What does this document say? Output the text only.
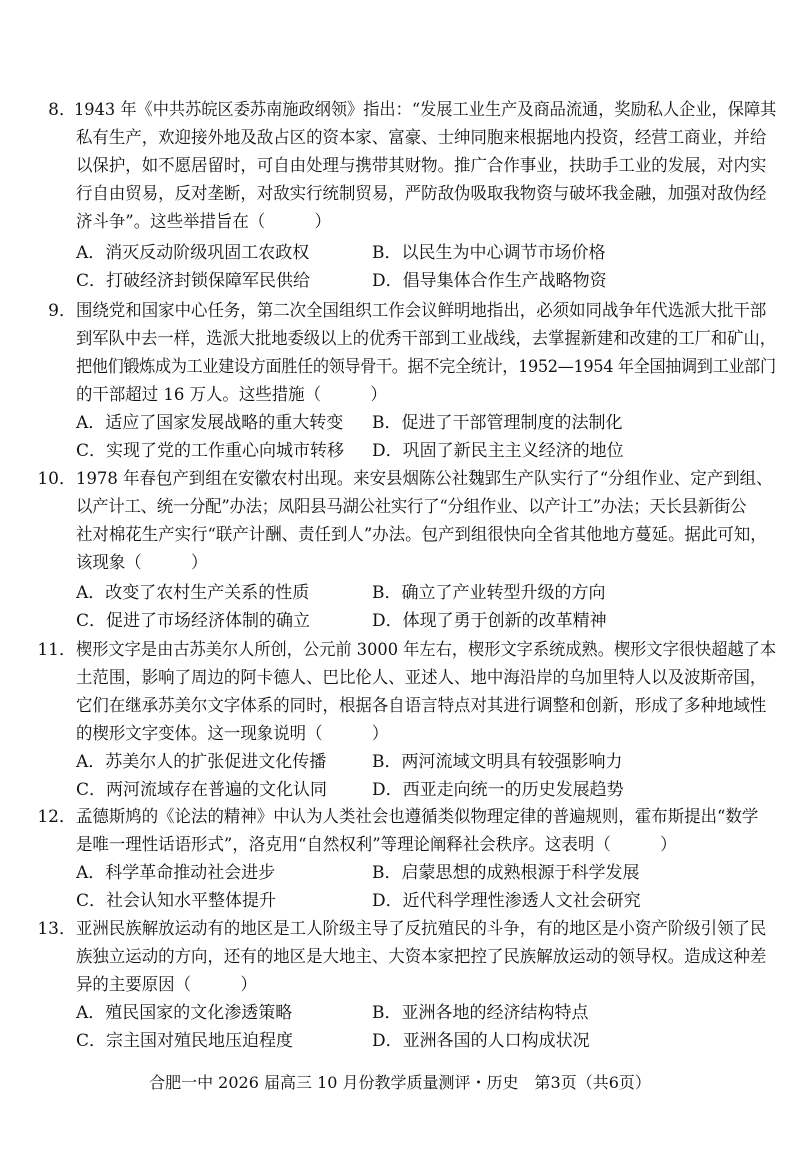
8．
1943 年《中共苏皖区委苏南施政纲领》指出：“发展工业生产及商品流通，奖励私人企业，保障其
私有生产，欢迎接外地及敌占区的资本家、富豪、士绅同胞来根据地内投资，经营工商业，并给
以保护，如不愿居留时，可自由处理与携带其财物。推广合作事业，扶助手工业的发展，对内实
行自由贸易，反对垄断，对敌实行统制贸易，严防敌伪吸取我物资与破坏我金融，加强对敌伪经
济斗争”。这些举措旨在（　　　）
A．消灭反动阶级巩固工农政权	B．以民生为中心调节市场价格
C．打破经济封锁保障军民供给	D．倡导集体合作生产战略物资
9． 围绕党和国家中心任务，第二次全国组织工作会议鲜明地指出，必须如同战争年代选派大批干部
到军队中去一样，选派大批地委级以上的优秀干部到工业战线，去掌握新建和改建的工厂和矿山，
把他们锻炼成为工业建设方面胜任的领导骨干。据不完全统计，1952—1954 年全国抽调到工业部门
的干部超过 16 万人。这些措施（　　　）
A．适应了国家发展战略的重大转变 B．促进了干部管理制度的法制化
C．实现了党的工作重心向城市转移 D．巩固了新民主主义经济的地位
10． 1978 年春包产到组在安徽农村出现。来安县烟陈公社魏郢生产队实行了“分组作业、定产到组、
以产计工、统一分配”办法；凤阳县马湖公社实行了“分组作业、以产计工”办法；天长县新街公
社对棉花生产实行“联产计酬、责任到人”办法。包产到组很快向全省其他地方蔓延。据此可知，
该现象（　　　）
A．改变了农村生产关系的性质	B．确立了产业转型升级的方向
C．促进了市场经济体制的确立	D．体现了勇于创新的改革精神
11． 楔形文字是由古苏美尔人所创，公元前 3000 年左右，楔形文字系统成熟。楔形文字很快超越了本
土范围，影响了周边的阿卡德人、巴比伦人、亚述人、地中海沿岸的乌加里特人以及波斯帝国，
它们在继承苏美尔文字体系的同时，根据各自语言特点对其进行调整和创新，形成了多种地域性
的楔形文字变体。这一现象说明（　　　）
A．苏美尔人的扩张促进文化传播	B．两河流域文明具有较强影响力
C．两河流域存在普遍的文化认同	D．西亚走向统一的历史发展趋势
12． 孟德斯鸠的《论法的精神》中认为人类社会也遵循类似物理定律的普遍规则，霍布斯提出“数学
是唯一理性话语形式”，洛克用“自然权利”等理论阐释社会秩序。这表明（　　　）
A．科学革命推动社会进步	B．启蒙思想的成熟根源于科学发展
C．社会认知水平整体提升	D．近代科学理性渗透人文社会研究
13． 亚洲民族解放运动有的地区是工人阶级主导了反抗殖民的斗争，有的地区是小资产阶级引领了民
族独立运动的方向，还有的地区是大地主、大资本家把控了民族解放运动的领导权。造成这种差
异的主要原因（　　　）
A．殖民国家的文化渗透策略	B．亚洲各地的经济结构特点
C．宗主国对殖民地压迫程度	D．亚洲各国的人口构成状况
合肥一中 2026 届高三 10 月份教学质量测评・历史　第3页（共6页）
